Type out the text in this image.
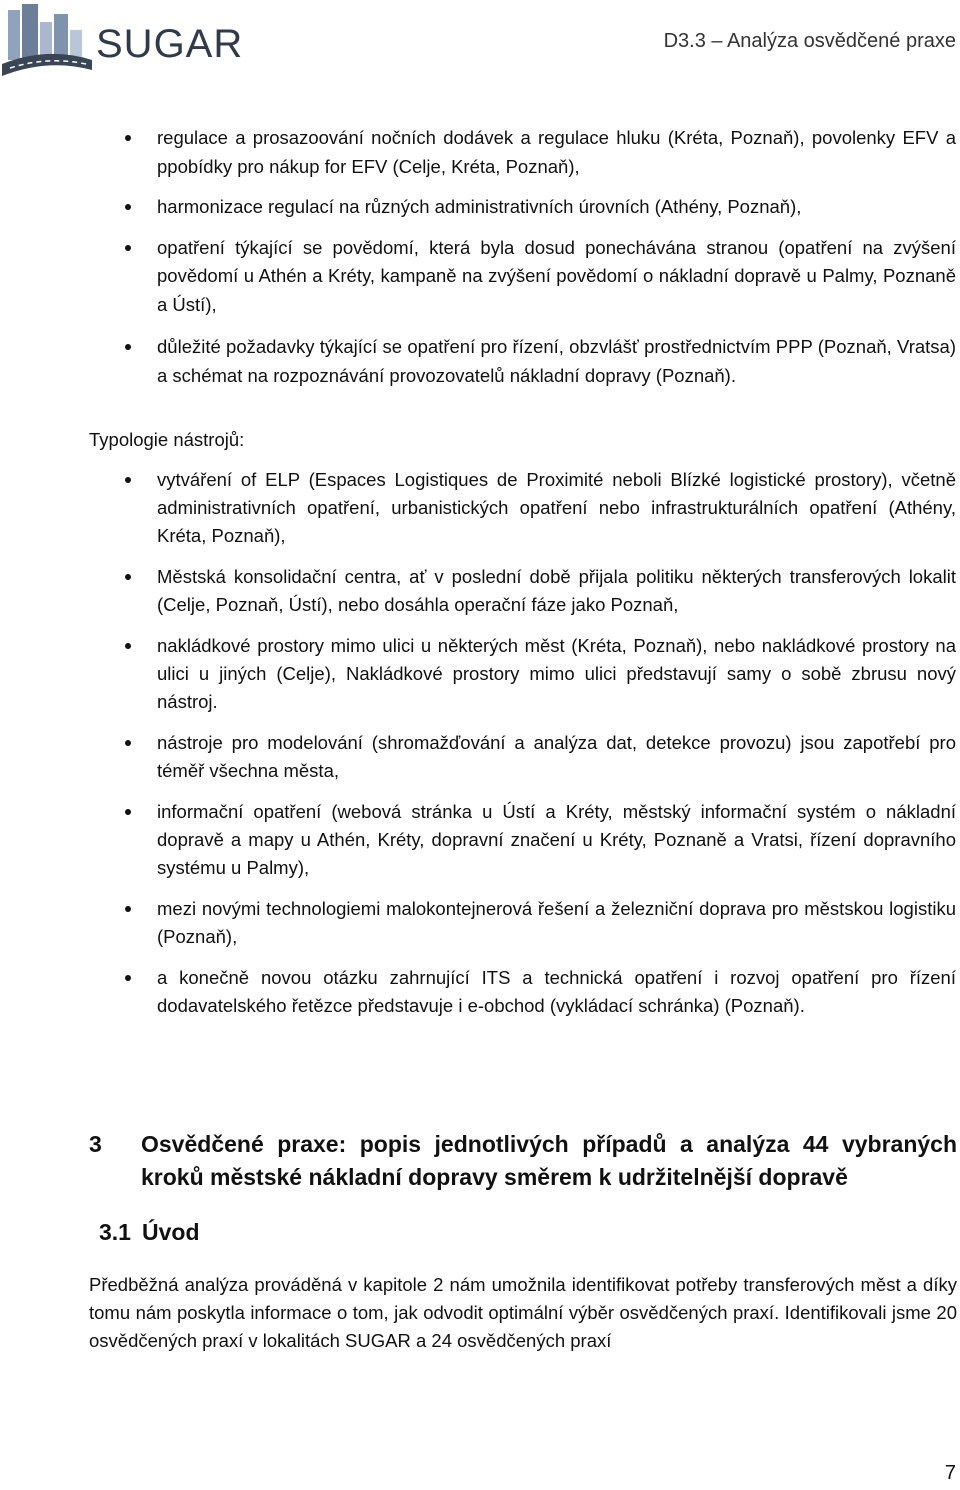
SUGAR	D3.3 – Analýza osvědčené praxe
regulace a prosazoování nočních dodávek a regulace hluku (Kréta, Poznaň), povolenky EFV a ppobídky pro nákup for EFV (Celje, Kréta, Poznaň),
harmonizace regulací na různých administrativních úrovních (Athény, Poznaň),
opatření týkající se povědomí, která byla dosud ponechávána stranou (opatření na zvýšení povědomí u Athén a Kréty, kampaně na zvýšení povědomí o nákladní dopravě u Palmy, Poznaně a Ústí),
důležité požadavky týkající se opatření pro řízení, obzvlášť prostřednictvím PPP (Poznaň, Vratsa) a schémat na rozpoznávání provozovatelů nákladní dopravy (Poznaň).
Typologie nástrojů:
vytváření of ELP (Espaces Logistiques de Proximité neboli Blízké logistické prostory), včetně administrativních opatření, urbanistických opatření nebo infrastrukturálních opatření (Athény, Kréta, Poznaň),
Městská konsolidační centra, ať v poslední době přijala politiku některých transferových lokalit (Celje, Poznaň, Ústí), nebo dosáhla operační fáze jako Poznaň,
nakládkové prostory mimo ulici u některých měst (Kréta, Poznaň), nebo nakládkové prostory na ulici u jiných (Celje), Nakládkové prostory mimo ulici představují samy o sobě zbrusu nový nástroj.
nástroje pro modelování (shromažďování a analýza dat, detekce provozu) jsou zapotřebí pro téměř všechna města,
informační opatření (webová stránka u Ústí a Kréty, městský informační systém o nákladní dopravě a mapy u Athén, Kréty, dopravní značení u Kréty, Poznaně a Vratsi, řízení dopravního systému u Palmy),
mezi novými technologiemi malokontejnerová řešení a železniční doprava pro městskou logistiku (Poznaň),
a konečně novou otázku zahrnující ITS a technická opatření i rozvoj opatření pro řízení dodavatelského řetězce představuje i e-obchod (vykládací schránka) (Poznaň).
3 Osvědčené praxe: popis jednotlivých případů a analýza 44 vybraných kroků městské nákladní dopravy směrem k udržitelnější dopravě
3.1 Úvod

Předběžná analýza prováděná v kapitole 2 nám umožnila identifikovat potřeby transferových měst a díky tomu nám poskytla informace o tom, jak odvodit optimální výběr osvědčených praxí. Identifikovali jsme 20 osvědčených praxí v lokalitách SUGAR a 24 osvědčených praxí

7
